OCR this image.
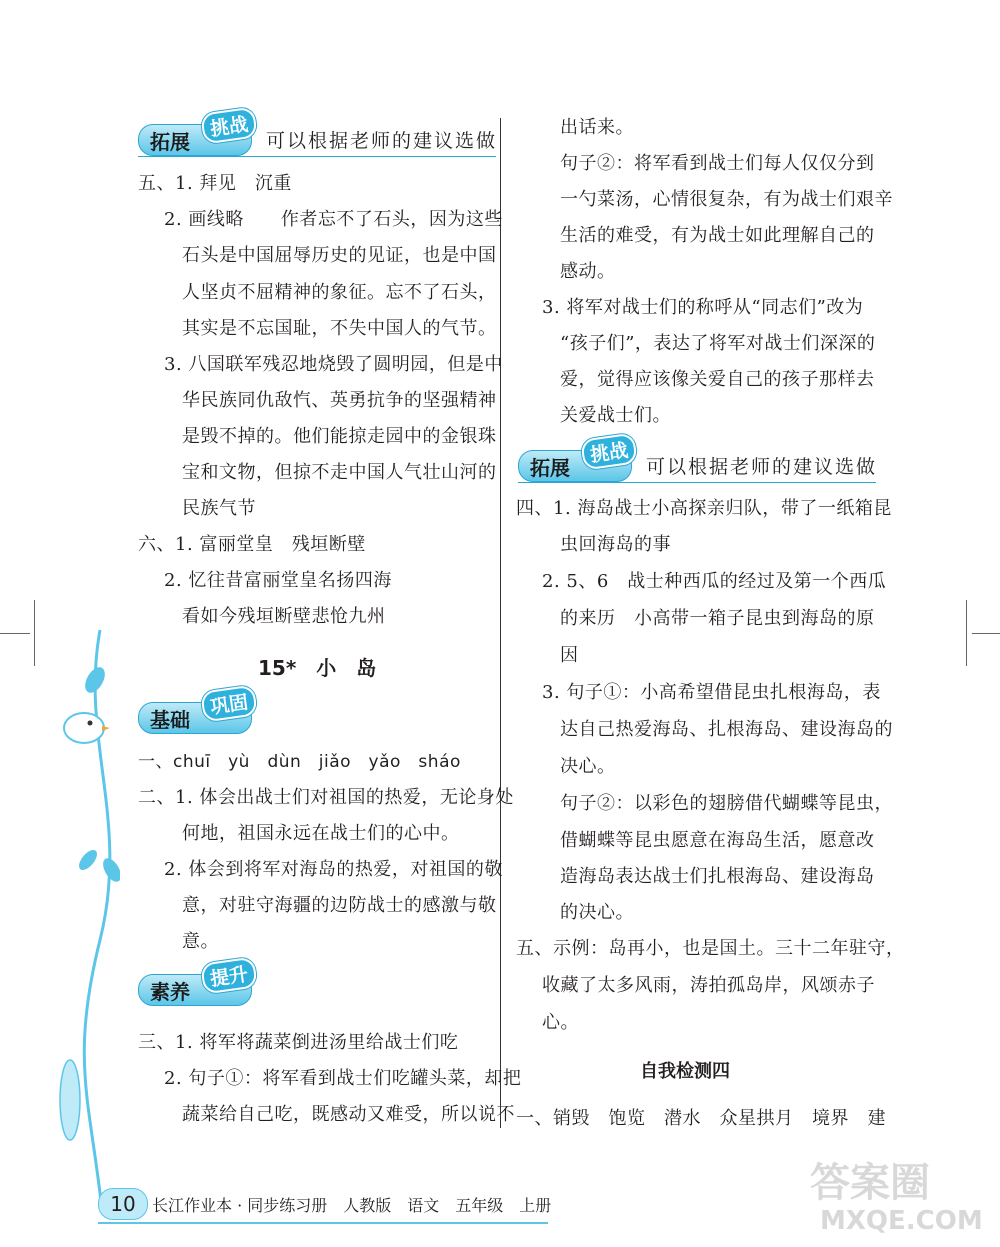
拓展
挑战
可以根据老师的建议选做
五、1. 拜见　沉重
2. 画线略　　作者忘不了石头，因为这些
石头是中国屈辱历史的见证，也是中国
人坚贞不屈精神的象征。忘不了石头，
其实是不忘国耻，不失中国人的气节。
3. 八国联军残忍地烧毁了圆明园，但是中
华民族同仇敌忾、英勇抗争的坚强精神
是毁不掉的。他们能掠走园中的金银珠
宝和文物，但掠不走中国人气壮山河的
民族气节
六、1. 富丽堂皇　残垣断壁
2. 忆往昔富丽堂皇名扬四海
看如今残垣断壁悲怆九州
15*　小　岛
基础
巩固
一、chuī　yù　dùn　jiǎo　yǎo　sháo
二、1. 体会出战士们对祖国的热爱，无论身处
何地，祖国永远在战士们的心中。
2. 体会到将军对海岛的热爱，对祖国的敬
意，对驻守海疆的边防战士的感激与敬
意。
素养
提升
三、1. 将军将蔬菜倒进汤里给战士们吃
2. 句子①：将军看到战士们吃罐头菜，却把
蔬菜给自己吃，既感动又难受，所以说不
出话来。
句子②：将军看到战士们每人仅仅分到
一勺菜汤，心情很复杂，有为战士们艰辛
生活的难受，有为战士如此理解自己的
感动。
3. 将军对战士们的称呼从“同志们”改为
“孩子们”，表达了将军对战士们深深的
爱，觉得应该像关爱自己的孩子那样去
关爱战士们。
拓展
挑战
可以根据老师的建议选做
四、1. 海岛战士小高探亲归队，带了一纸箱昆
虫回海岛的事
2. 5、6　战士种西瓜的经过及第一个西瓜
的来历　小高带一箱子昆虫到海岛的原
因
3. 句子①：小高希望借昆虫扎根海岛，表
达自己热爱海岛、扎根海岛、建设海岛的
决心。
句子②：以彩色的翅膀借代蝴蝶等昆虫，
借蝴蝶等昆虫愿意在海岛生活，愿意改
造海岛表达战士们扎根海岛、建设海岛
的决心。
五、示例：岛再小，也是国土。三十二年驻守，
收藏了太多风雨，涛拍孤岛岸，风颂赤子
心。
自我检测四
一、销毁　饱览　潜水　众星拱月　境界　建
10	长江作业本 · 同步练习册　人教版　语文　五年级　上册	答案圈
MXQE.COM
